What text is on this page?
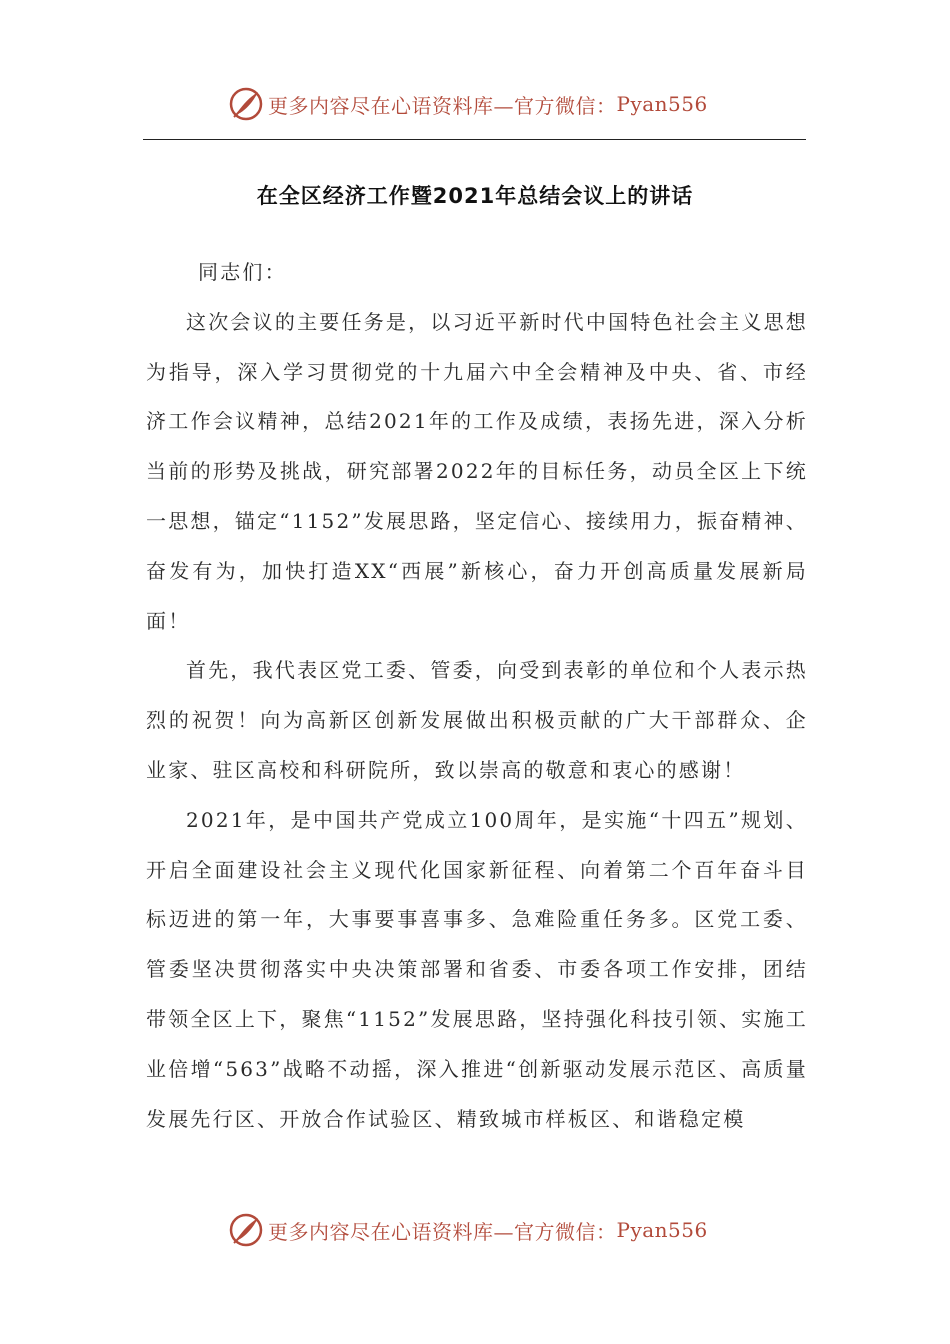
更多内容尽在心语资料库—官方微信： Pyan556
在全区经济工作暨2021年总结会议上的讲话

同志们：

这次会议的主要任务是，以习近平新时代中国特色社会主义思想为指导，深入学习贯彻党的十九届六中全会精神及中央、省、市经济工作会议精神，总结2021年的工作及成绩，表扬先进，深入分析当前的形势及挑战，研究部署2022年的目标任务，动员全区上下统一思想，锚定“1152”发展思路，坚定信心、接续用力，振奋精神、奋发有为，加快打造XX“西展”新核心，奋力开创高质量发展新局面！

首先，我代表区党工委、管委，向受到表彰的单位和个人表示热烈的祝贺！向为高新区创新发展做出积极贡献的广大干部群众、企业家、驻区高校和科研院所，致以崇高的敬意和衷心的感谢！

2021年，是中国共产党成立100周年，是实施“十四五”规划、开启全面建设社会主义现代化国家新征程、向着第二个百年奋斗目标迈进的第一年，大事要事喜事多、急难险重任务多。区党工委、管委坚决贯彻落实中央决策部署和省委、市委各项工作安排，团结带领全区上下，聚焦“1152”发展思路，坚持强化科技引领、实施工业倍增“563”战略不动摇，深入推进“创新驱动发展示范区、高质量发展先行区、开放合作试验区、精致城市样板区、和谐稳定模

更多内容尽在心语资料库—官方微信： Pyan556
